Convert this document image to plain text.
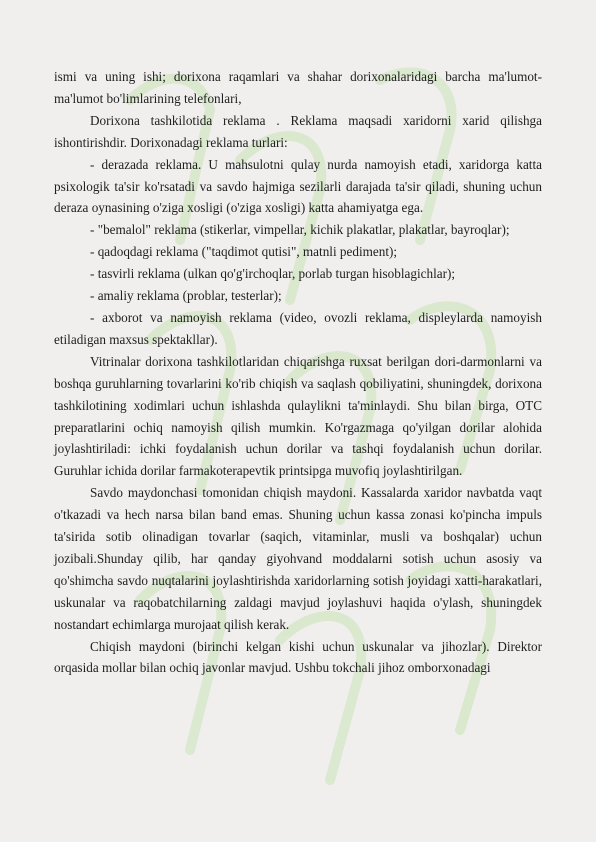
ismi va uning ishi; dorixona raqamlari va shahar dorixonalaridagi barcha ma'lumot-ma'lumot bo'limlarining telefonlari,

Dorixona tashkilotida reklama . Reklama maqsadi xaridorni xarid qilishga ishontirishdir. Dorixonadagi reklama turlari:

- derazada reklama. U mahsulotni qulay nurda namoyish etadi, xaridorga katta psixologik ta'sir ko'rsatadi va savdo hajmiga sezilarli darajada ta'sir qiladi, shuning uchun deraza oynasining o'ziga xosligi (o'ziga xosligi) katta ahamiyatga ega.

- "bemalol" reklama (stikerlar, vimpellar, kichik plakatlar, plakatlar, bayroqlar);

- qadoqdagi reklama ("taqdimot qutisi", matnli pediment);

- tasvirli reklama (ulkan qo'g'irchoqlar, porlab turgan hisoblagichlar);

- amaliy reklama (problar, testerlar);

- axborot va namoyish reklama (video, ovozli reklama, displeylarda namoyish etiladigan maxsus spektakllar).

Vitrinalar dorixona tashkilotlaridan chiqarishga ruxsat berilgan dori-darmonlarni va boshqa guruhlarning tovarlarini ko'rib chiqish va saqlash qobiliyatini, shuningdek, dorixona tashkilotining xodimlari uchun ishlashda qulaylikni ta'minlaydi. Shu bilan birga, OTC preparatlarini ochiq namoyish qilish mumkin. Ko'rgazmaga qo'yilgan dorilar alohida joylashtiriladi: ichki foydalanish uchun dorilar va tashqi foydalanish uchun dorilar. Guruhlar ichida dorilar farmakoterapevtik printsipga muvofiq joylashtirilgan.

Savdo maydonchasi tomonidan chiqish maydoni. Kassalarda xaridor navbatda vaqt o'tkazadi va hech narsa bilan band emas. Shuning uchun kassa zonasi ko'pincha impuls ta'sirida sotib olinadigan tovarlar (saqich, vitaminlar, musli va boshqalar) uchun jozibali.Shunday qilib, har qanday giyohvand moddalarni sotish uchun asosiy va qo'shimcha savdo nuqtalarini joylashtirishda xaridorlarning sotish joyidagi xatti-harakatlari, uskunalar va raqobatchilarning zaldagi mavjud joylashuvi haqida o'ylash, shuningdek nostandart echimlarga murojaat qilish kerak.

Chiqish maydoni (birinchi kelgan kishi uchun uskunalar va jihozlar). Direktor orqasida mollar bilan ochiq javonlar mavjud. Ushbu tokchali jihoz omborxonadagi
